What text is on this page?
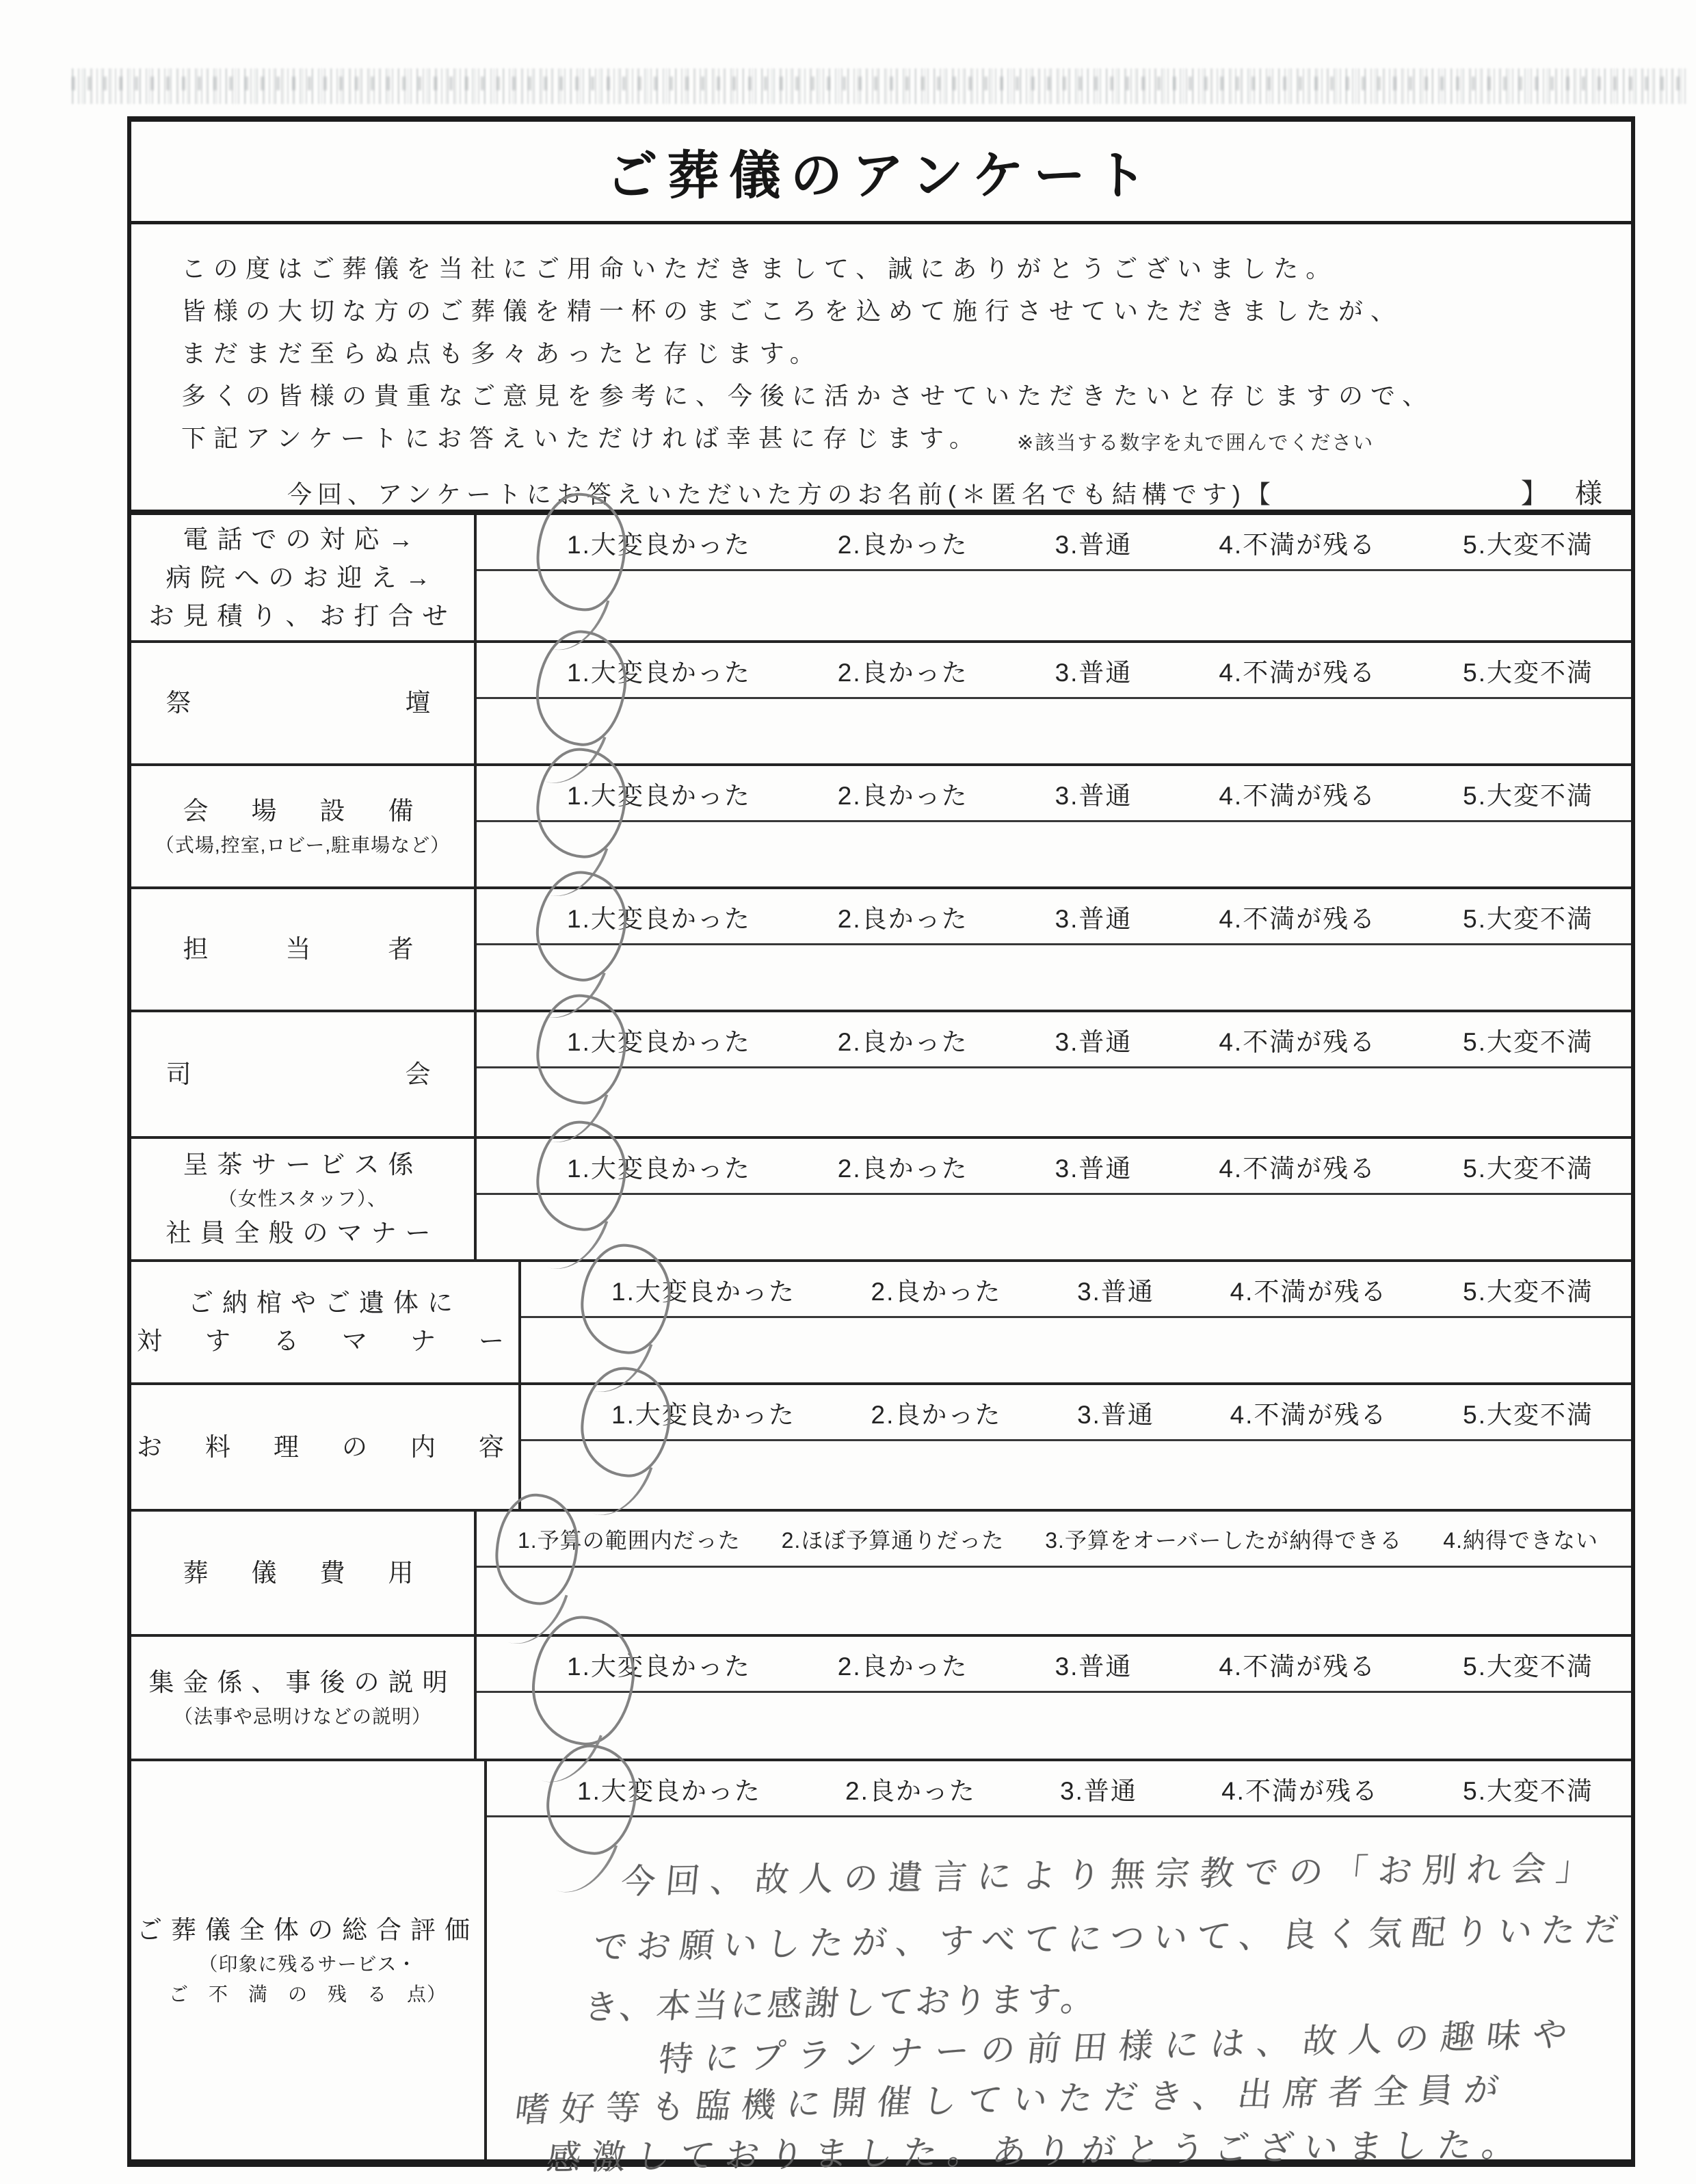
ご葬儀のアンケート
この度はご葬儀を当社にご用命いただきまして、誠にありがとうございました。
皆様の大切な方のご葬儀を精一杯のまごころを込めて施行させていただきましたが、
まだまだ至らぬ点も多々あったと存じます。
多くの皆様の貴重なご意見を参考に、今後に活かさせていただきたいと存じますので、
下記アンケートにお答えいただければ幸甚に存じます。 ※該当する数字を丸で囲んでください
今回、アンケートにお答えいただいた方のお名前(＊匿名でも結構です)【	】 様
電話での対応→
病院へのお迎え→
お見積り、お打合せ
1.大変良かった	2.良かった	3.普通	4.不満が残る	5.大変不満
祭　　　　　　壇
1.大変良かった	2.良かった	3.普通	4.不満が残る	5.大変不満
会　場　設　備
（式場,控室,ロビー,駐車場など）
1.大変良かった	2.良かった	3.普通	4.不満が残る	5.大変不満
担　　当　　者
1.大変良かった	2.良かった	3.普通	4.不満が残る	5.大変不満
司　　　　　　会
1.大変良かった	2.良かった	3.普通	4.不満が残る	5.大変不満
呈茶サービス係
（女性スタッフ）、
社員全般のマナー
1.大変良かった	2.良かった	3.普通	4.不満が残る	5.大変不満
ご納棺やご遺体に
対　す　る　マ　ナ　ー
1.大変良かった	2.良かった	3.普通	4.不満が残る	5.大変不満
お　料　理　の　内　容
1.大変良かった	2.良かった	3.普通	4.不満が残る	5.大変不満
葬　儀　費　用
1.予算の範囲内だった 2.ほぼ予算通りだった 3.予算をオーバーしたが納得できる 4.納得できない
集金係、事後の説明
（法事や忌明けなどの説明）
1.大変良かった	2.良かった	3.普通	4.不満が残る	5.大変不満
ご葬儀全体の総合評価
（印象に残るサービス・
ご　不　満　の　残　る　点）
1.大変良かった	2.良かった	3.普通	4.不満が残る	5.大変不満
今回、故人の遺言により無宗教での「お別れ会」
でお願いしたが、すべてについて、良く気配りいただ
き、本当に感謝しております。
特にプランナーの前田様には、故人の趣味や
嗜好等も臨機に開催していただき、出席者全員が
感激しておりました。ありがとうございました。
